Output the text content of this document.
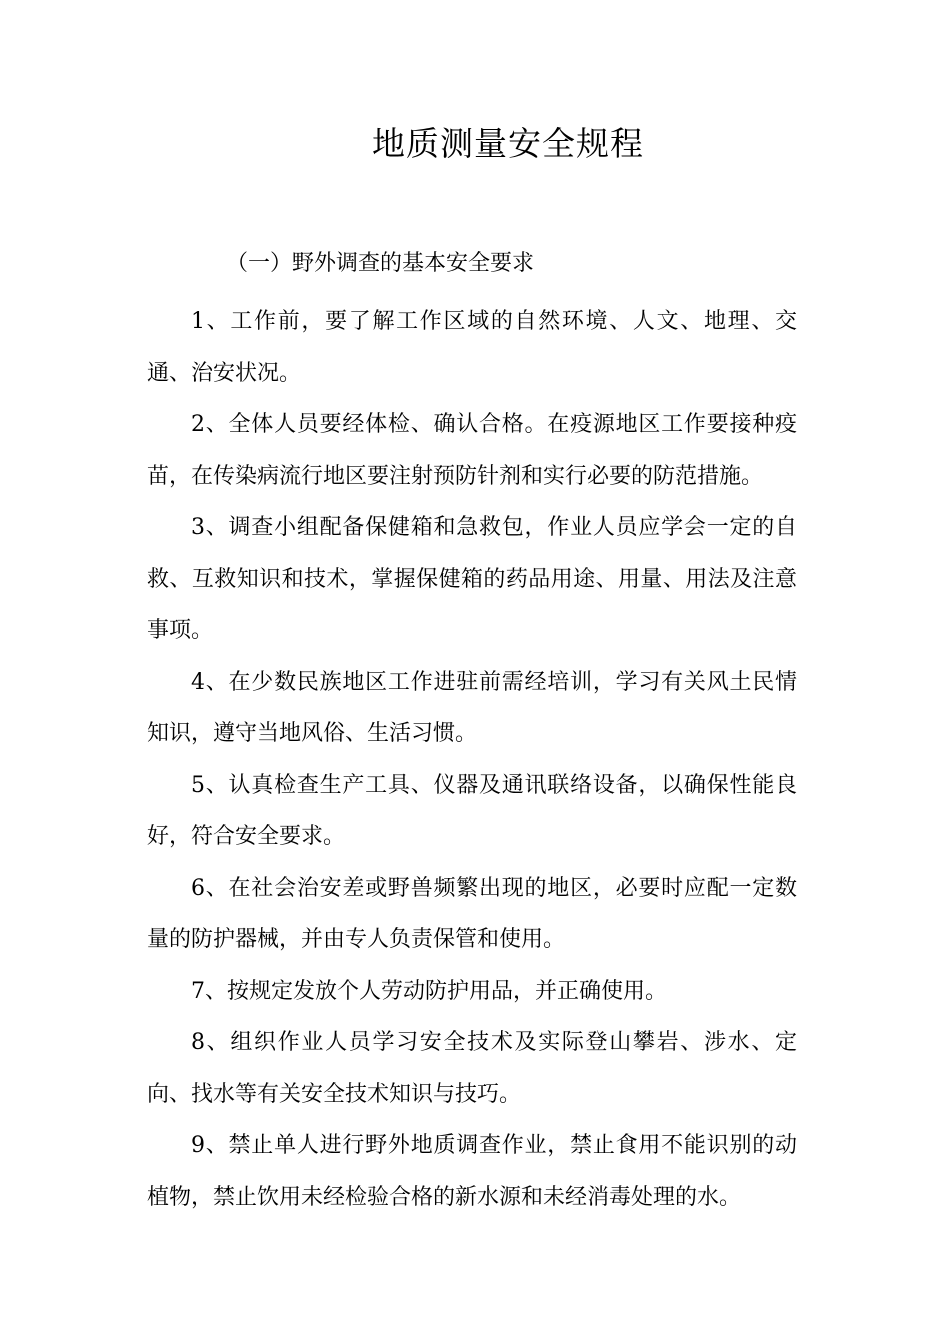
地质测量安全规程
（一）野外调查的基本安全要求

1、工作前，要了解工作区域的自然环境、人文、地理、交通、治安状况。

2、全体人员要经体检、确认合格。在疫源地区工作要接种疫苗，在传染病流行地区要注射预防针剂和实行必要的防范措施。

3、调查小组配备保健箱和急救包，作业人员应学会一定的自救、互救知识和技术，掌握保健箱的药品用途、用量、用法及注意事项。

4、在少数民族地区工作进驻前需经培训，学习有关风土民情知识，遵守当地风俗、生活习惯。

5、认真检查生产工具、仪器及通讯联络设备，以确保性能良好，符合安全要求。

6、在社会治安差或野兽频繁出现的地区，必要时应配一定数量的防护器械，并由专人负责保管和使用。

7、按规定发放个人劳动防护用品，并正确使用。

8、组织作业人员学习安全技术及实际登山攀岩、涉水、定向、找水等有关安全技术知识与技巧。

9、禁止单人进行野外地质调查作业，禁止食用不能识别的动植物，禁止饮用未经检验合格的新水源和未经消毒处理的水。
